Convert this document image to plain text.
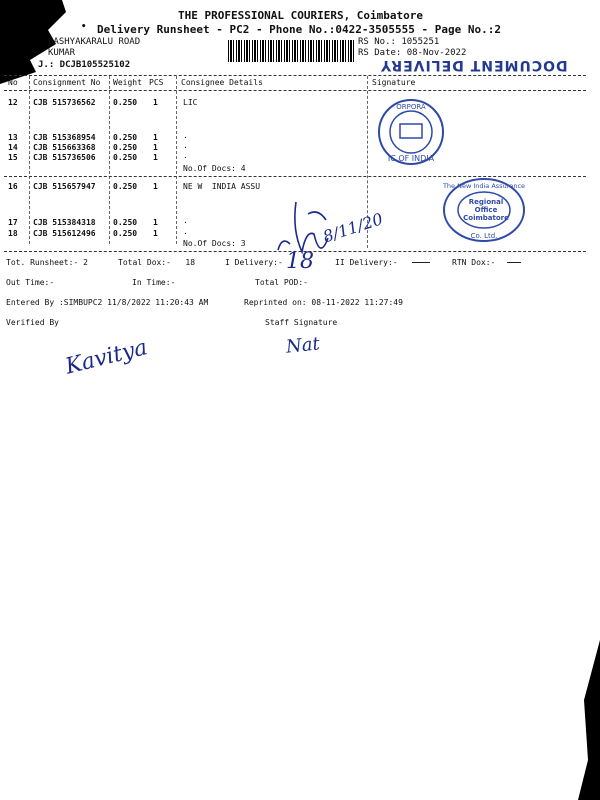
THE PROFESSIONAL COURIERS, Coimbatore
Delivery Runsheet - PC2 - Phone No.:0422-3505555 - Page No.:2
•
BASHYAKARALU ROAD
KUMAR
J.: DCJB105525102
RS No.: 1055251
RS Date: 08-Nov-2022
DOCUMENT DELIVERY
No Consignment No Weight PCS Consignee Details	Signature
12 CJB 515736562 0.250 1	LIC
13 CJB 515368954 0.250 1	.
14 CJB 515663368 0.250 1	.
15 CJB 515736506 0.250 1	.
No.Of Docs: 4
16 CJB 515657947 0.250 1	NE W  INDIA ASSU
17 CJB 515384318 0.250 1	.
18 CJB 515612496 0.250 1	.
No.Of Docs: 3
Tot. Runsheet:- 2	Total Dox:-   18	I Delivery:-	II Delivery:-	RTN Dox:-
Out Time:-	In Time:-	Total POD:-
Entered By :SIMBUPC2 11/8/2022 11:20:43 AM	Reprinted on: 08-11-2022 11:27:49
Verified By	Staff Signature
ORPORA
IC OF INDIA
The New India Assurance
Regional
Office
Coimbatore
Co. Ltd.
18
8/11/20
Kavitya	Nat
